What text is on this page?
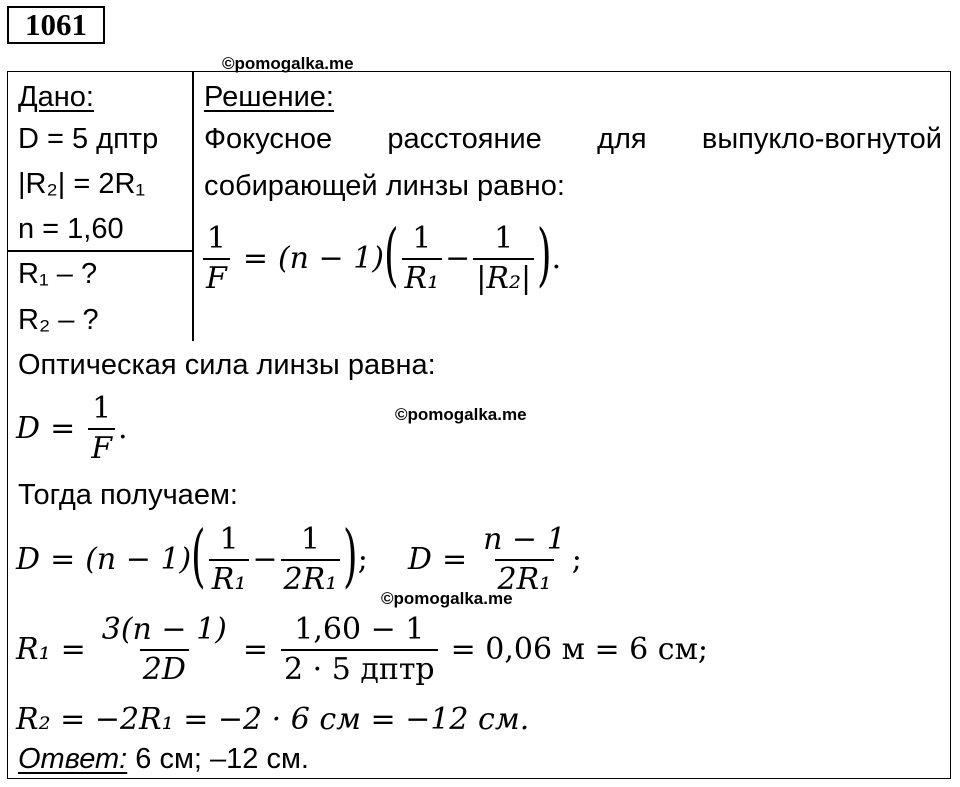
1061
©pomogalka.me
©pomogalka.me
©pomogalka.me
Дано:
D = 5 дптр
|R₂| = 2R₁
n = 1,60
R₁ – ?
R₂ – ?
Решение:
Фокусное расстояние для выпукло-вогнутой
собирающей линзы равно:
$\frac{1}{F} = (n - 1)$ ( $\frac{1}{\text{R₁}} - \frac{1}{\text{|R₂|}}$ ) .
Оптическая сила линзы равна:
$D = \frac{1}{F}$ .
Тогда получаем:
D = (n − 1) ( $\frac{1}{\text{R₁}} - \frac{1}{\text{2R₁}}$ ) ; $D = \frac{n - 1}{\text{2R₁}}$ ;
$R_1 = \frac{3(n - 1)}{2D} = \frac{1,60 - 1}{\text{2 · 5 дптр}} = 0,06$ м = 6 см;
R₂ = −2R₁ = −2 · 6 см = −12 см.
Ответ: 6 см; –12 см.
